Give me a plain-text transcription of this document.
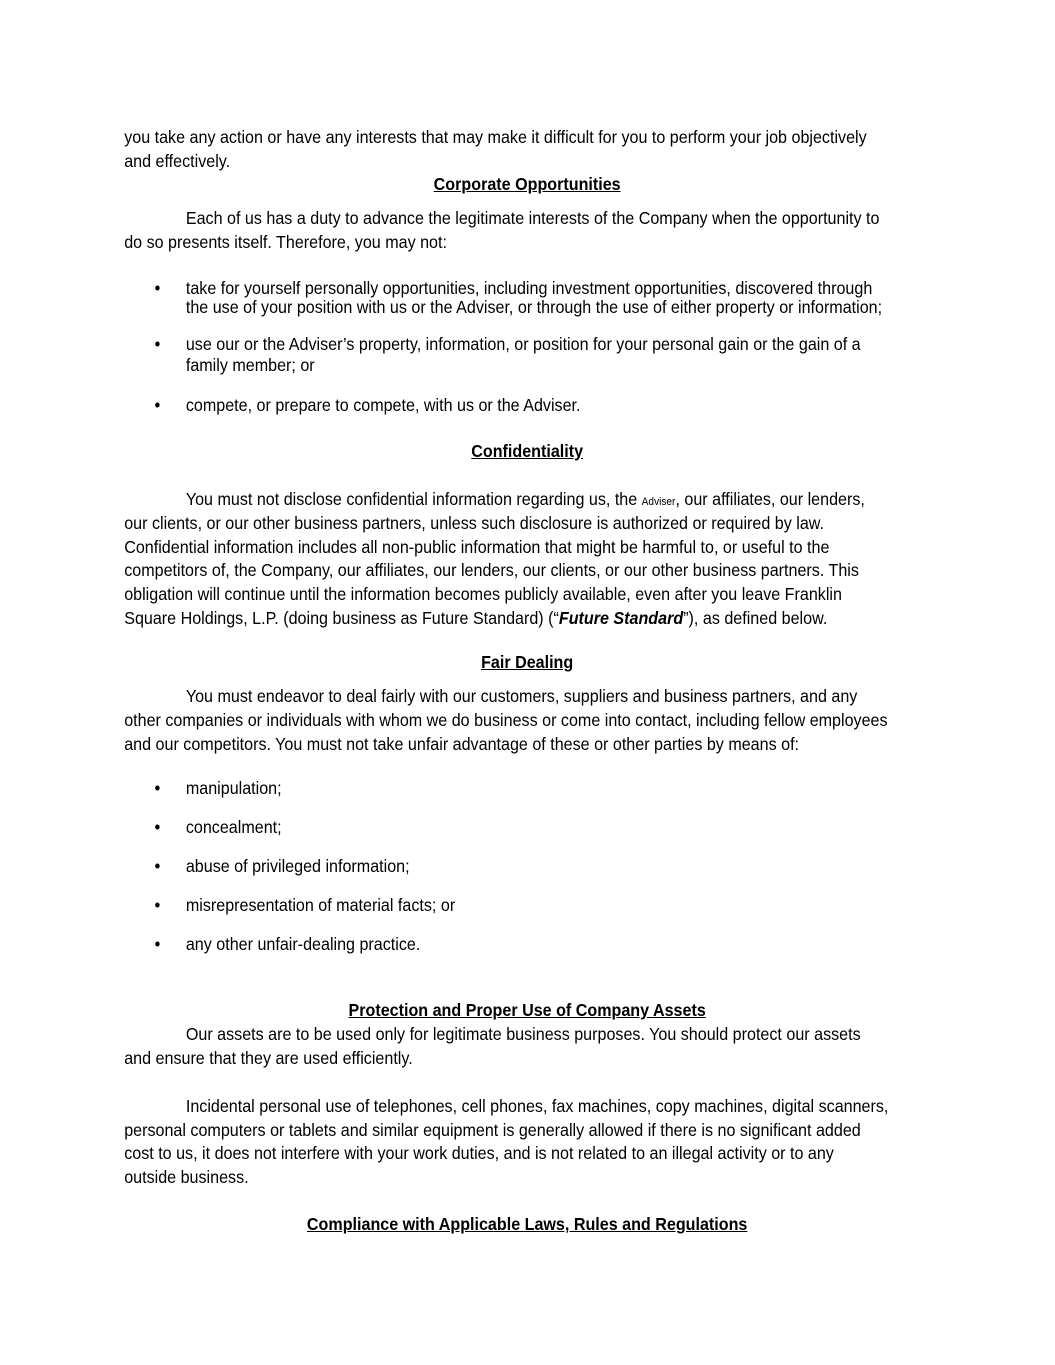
you take any action or have any interests that may make it difficult for you to perform your job objectively
and effectively.
Corporate Opportunities
Each of us has a duty to advance the legitimate interests of the Company when the opportunity to
do so presents itself. Therefore, you may not:
• take for yourself personally opportunities, including investment opportunities, discovered through
the use of your position with us or the Adviser, or through the use of either property or information;
• use our or the Adviser’s property, information, or position for your personal gain or the gain of a
family member; or
• compete, or prepare to compete, with us or the Adviser.
Confidentiality
You must not disclose confidential information regarding us, the Adviser, our affiliates, our lenders,
our clients, or our other business partners, unless such disclosure is authorized or required by law.
Confidential information includes all non-public information that might be harmful to, or useful to the
competitors of, the Company, our affiliates, our lenders, our clients, or our other business partners. This
obligation will continue until the information becomes publicly available, even after you leave Franklin
Square Holdings, L.P. (doing business as Future Standard) (“Future Standard”), as defined below.
Fair Dealing
You must endeavor to deal fairly with our customers, suppliers and business partners, and any
other companies or individuals with whom we do business or come into contact, including fellow employees
and our competitors. You must not take unfair advantage of these or other parties by means of:
• manipulation;
• concealment;
• abuse of privileged information;
• misrepresentation of material facts; or
• any other unfair-dealing practice.
Protection and Proper Use of Company Assets
Our assets are to be used only for legitimate business purposes. You should protect our assets
and ensure that they are used efficiently.
Incidental personal use of telephones, cell phones, fax machines, copy machines, digital scanners,
personal computers or tablets and similar equipment is generally allowed if there is no significant added
cost to us, it does not interfere with your work duties, and is not related to an illegal activity or to any
outside business.
Compliance with Applicable Laws, Rules and Regulations
